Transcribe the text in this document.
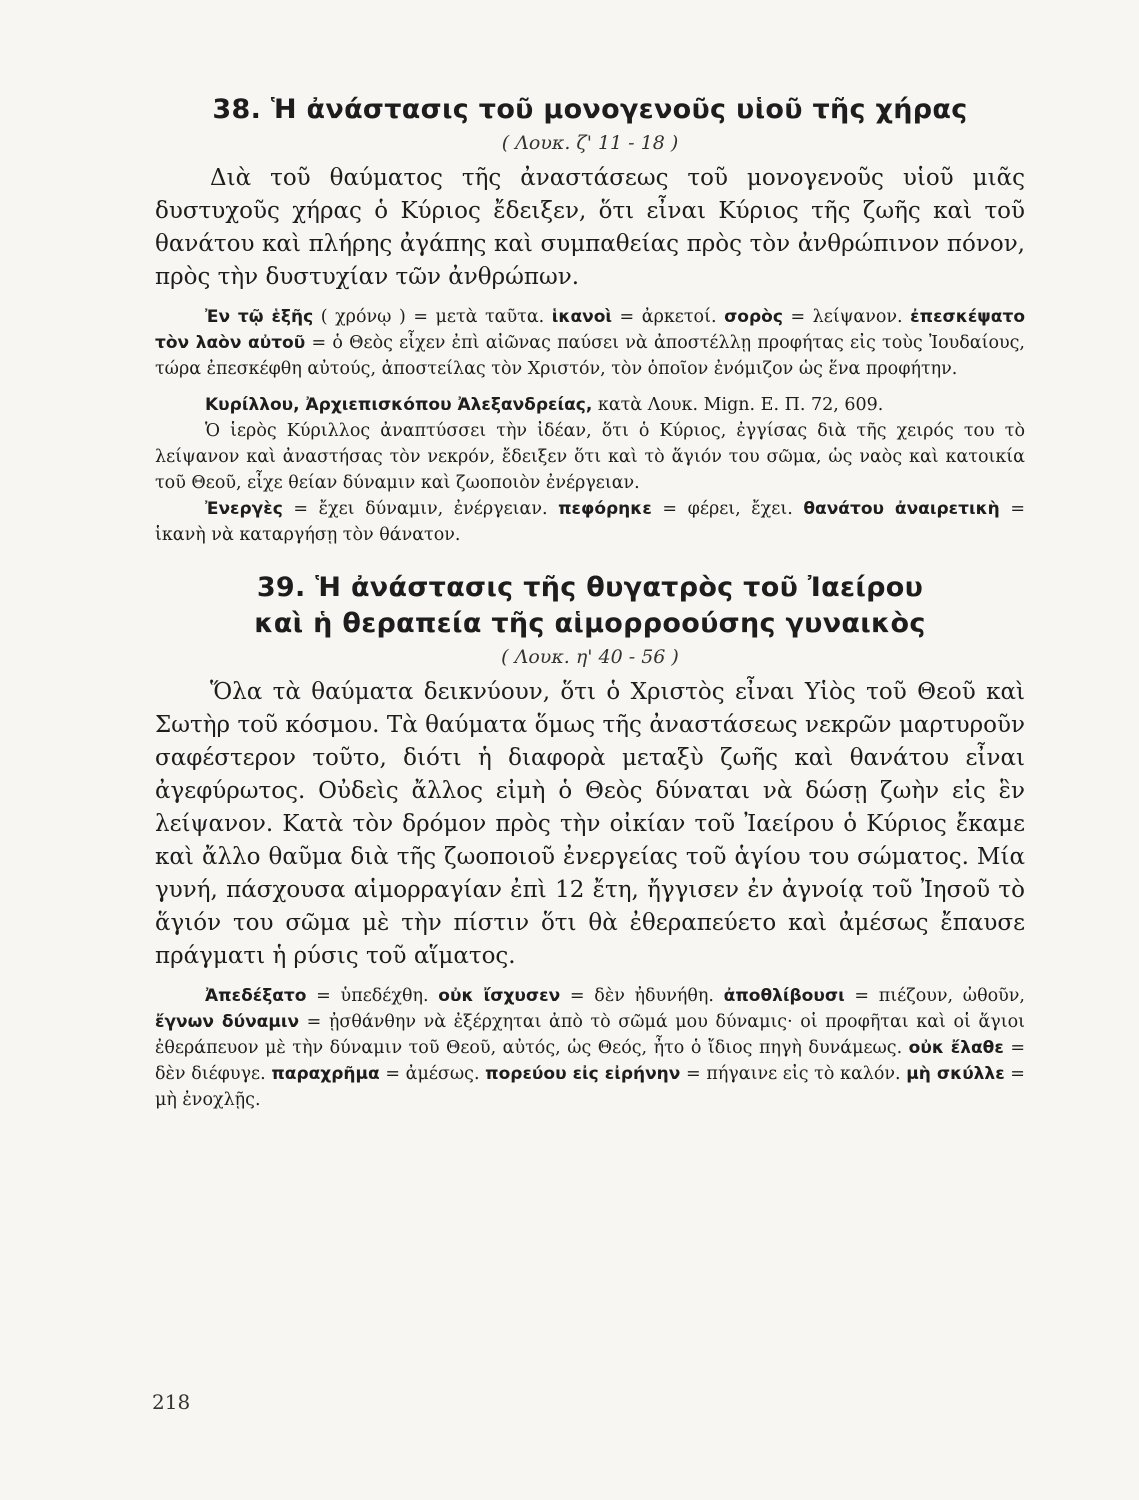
38. Ἡ ἀνάστασις τοῦ μονογενοῦς υἱοῦ τῆς χήρας
( Λουκ. ζ' 11 - 18 )

Διὰ τοῦ θαύματος τῆς ἀναστάσεως τοῦ μονογενοῦς υἱοῦ μιᾶς δυστυχοῦς χήρας ὁ Κύριος ἔδειξεν, ὅτι εἶναι Κύριος τῆς ζωῆς καὶ τοῦ θανάτου καὶ πλήρης ἀγάπης καὶ συμπαθείας πρὸς τὸν ἀνθρώπινον πόνον, πρὸς τὴν δυστυχίαν τῶν ἀνθρώπων.

Ἐν τῷ ἑξῆς ( χρόνῳ ) = μετὰ ταῦτα. ἱκανοὶ = ἀρκετοί. σορὸς = λείψανον. ἐπεσκέψατο τὸν λαὸν αὐτοῦ = ὁ Θεὸς εἶχεν ἐπὶ αἰῶνας παύσει νὰ ἀποστέλλῃ προφήτας εἰς τοὺς Ἰουδαίους, τώρα ἐπεσκέφθη αὐτούς, ἀποστείλας τὸν Χριστόν, τὸν ὁποῖον ἐνόμιζον ὡς ἕνα προφήτην.

Κυρίλλου, Ἀρχιεπισκόπου Ἀλεξανδρείας, κατὰ Λουκ. Mign. Ε. Π. 72, 609.

Ὁ ἱερὸς Κύριλλος ἀναπτύσσει τὴν ἰδέαν, ὅτι ὁ Κύριος, ἐγγίσας διὰ τῆς χειρός του τὸ λείψανον καὶ ἀναστήσας τὸν νεκρόν, ἔδειξεν ὅτι καὶ τὸ ἅγιόν του σῶμα, ὡς ναὸς καὶ κατοικία τοῦ Θεοῦ, εἶχε θείαν δύναμιν καὶ ζωοποιὸν ἐνέργειαν.

Ἐνεργὲς = ἔχει δύναμιν, ἐνέργειαν. πεφόρηκε = φέρει, ἔχει. θανάτου ἀναιρετικὴ = ἱκανὴ νὰ καταργήσῃ τὸν θάνατον.

39. Ἡ ἀνάστασις τῆς θυγατρὸς τοῦ Ἰαείρου
καὶ ἡ θεραπεία τῆς αἱμορροούσης γυναικὸς
( Λουκ. η' 40 - 56 )

Ὅλα τὰ θαύματα δεικνύουν, ὅτι ὁ Χριστὸς εἶναι Υἱὸς τοῦ Θεοῦ καὶ Σωτὴρ τοῦ κόσμου. Τὰ θαύματα ὅμως τῆς ἀναστάσεως νεκρῶν μαρτυροῦν σαφέστερον τοῦτο, διότι ἡ διαφορὰ μεταξὺ ζωῆς καὶ θανάτου εἶναι ἀγεφύρωτος. Οὐδεὶς ἄλλος εἰμὴ ὁ Θεὸς δύναται νὰ δώσῃ ζωὴν εἰς ἓν λείψανον. Κατὰ τὸν δρόμον πρὸς τὴν οἰκίαν τοῦ Ἰαείρου ὁ Κύριος ἔκαμε καὶ ἄλλο θαῦμα διὰ τῆς ζωοποιοῦ ἐνεργείας τοῦ ἁγίου του σώματος. Μία γυνή, πάσχουσα αἱμορραγίαν ἐπὶ 12 ἔτη, ἤγγισεν ἐν ἀγνοίᾳ τοῦ Ἰησοῦ τὸ ἅγιόν του σῶμα μὲ τὴν πίστιν ὅτι θὰ ἐθεραπεύετο καὶ ἀμέσως ἔπαυσε πράγματι ἡ ρύσις τοῦ αἵματος.

Ἀπεδέξατο = ὑπεδέχθη. οὐκ ἴσχυσεν = δὲν ἠδυνήθη. ἀποθλίβουσι = πιέζουν, ὠθοῦν, ἔγνων δύναμιν = ᾐσθάνθην νὰ ἐξέρχηται ἀπὸ τὸ σῶμά μου δύναμις· οἱ προφῆται καὶ οἱ ἅγιοι ἐθεράπευον μὲ τὴν δύναμιν τοῦ Θεοῦ, αὐτός, ὡς Θεός, ἦτο ὁ ἴδιος πηγὴ δυνάμεως. οὐκ ἔλαθε = δὲν διέφυγε. παραχρῆμα = ἀμέσως. πορεύου εἰς εἰρήνην = πήγαινε εἰς τὸ καλόν. μὴ σκύλλε = μὴ ἐνοχλῇς.

218
